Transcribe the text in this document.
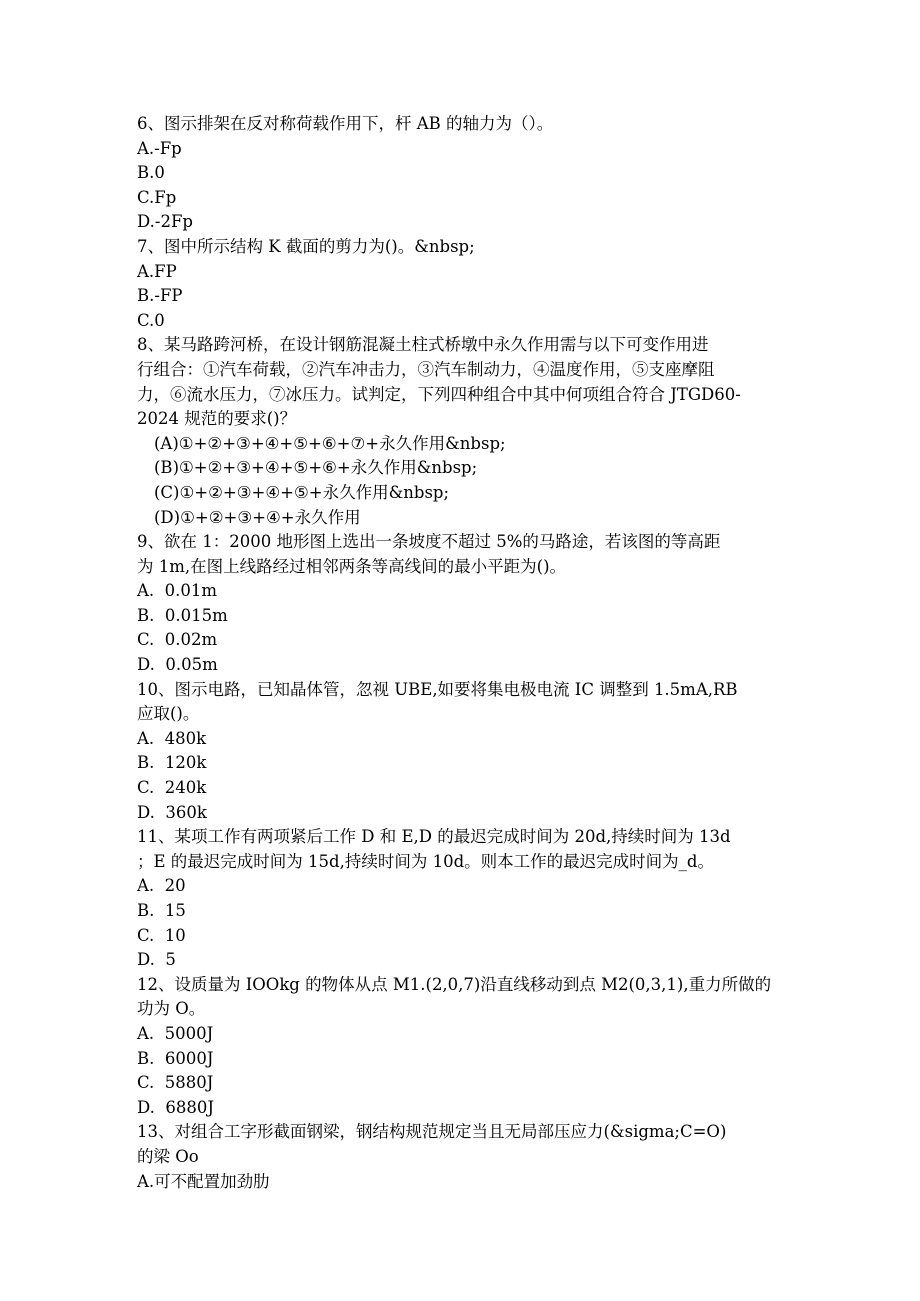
6、图示排架在反对称荷载作用下，杆 AB 的轴力为（）。
A.-Fp
B.0
C.Fp
D.-2Fp
7、图中所示结构 K 截面的剪力为()。&nbsp;
A.FP
B.-FP
C.0
8、某马路跨河桥，在设计钢筋混凝土柱式桥墩中永久作用需与以下可变作用进
行组合：①汽车荷载，②汽车冲击力，③汽车制动力，④温度作用，⑤支座摩阻
力，⑥流水压力，⑦冰压力。试判定，下列四种组合中其中何项组合符合 JTGD60-
2024 规范的要求()？
(A)①+②+③+④+⑤+⑥+⑦+永久作用&nbsp;
(B)①+②+③+④+⑤+⑥+永久作用&nbsp;
(C)①+②+③+④+⑤+永久作用&nbsp;
(D)①+②+③+④+永久作用
9、欲在 1：2000 地形图上选出一条坡度不超过 5%的马路途，若该图的等高距
为 1m,在图上线路经过相邻两条等高线间的最小平距为()。
A.  0.01m
B.  0.015m
C.  0.02m
D.  0.05m
10、图示电路，已知晶体管，忽视 UBE,如要将集电极电流 IC 调整到 1.5mA,RB
应取()。
A.  480k
B.  120k
C.  240k
D.  360k
11、某项工作有两项紧后工作 D 和 E,D 的最迟完成时间为 20d,持续时间为 13d
；E 的最迟完成时间为 15d,持续时间为 10d。则本工作的最迟完成时间为_d。
A.  20
B.  15
C.  10
D.  5
12、设质量为 IOOkg 的物体从点 M1.(2,0,7)沿直线移动到点 M2(0,3,1),重力所做的
功为 O。
A.  5000J
B.  6000J
C.  5880J
D.  6880J
13、对组合工字形截面钢梁，钢结构规范规定当且无局部压应力(&sigma;C=O)
的梁 Oo
A.可不配置加劲肋
